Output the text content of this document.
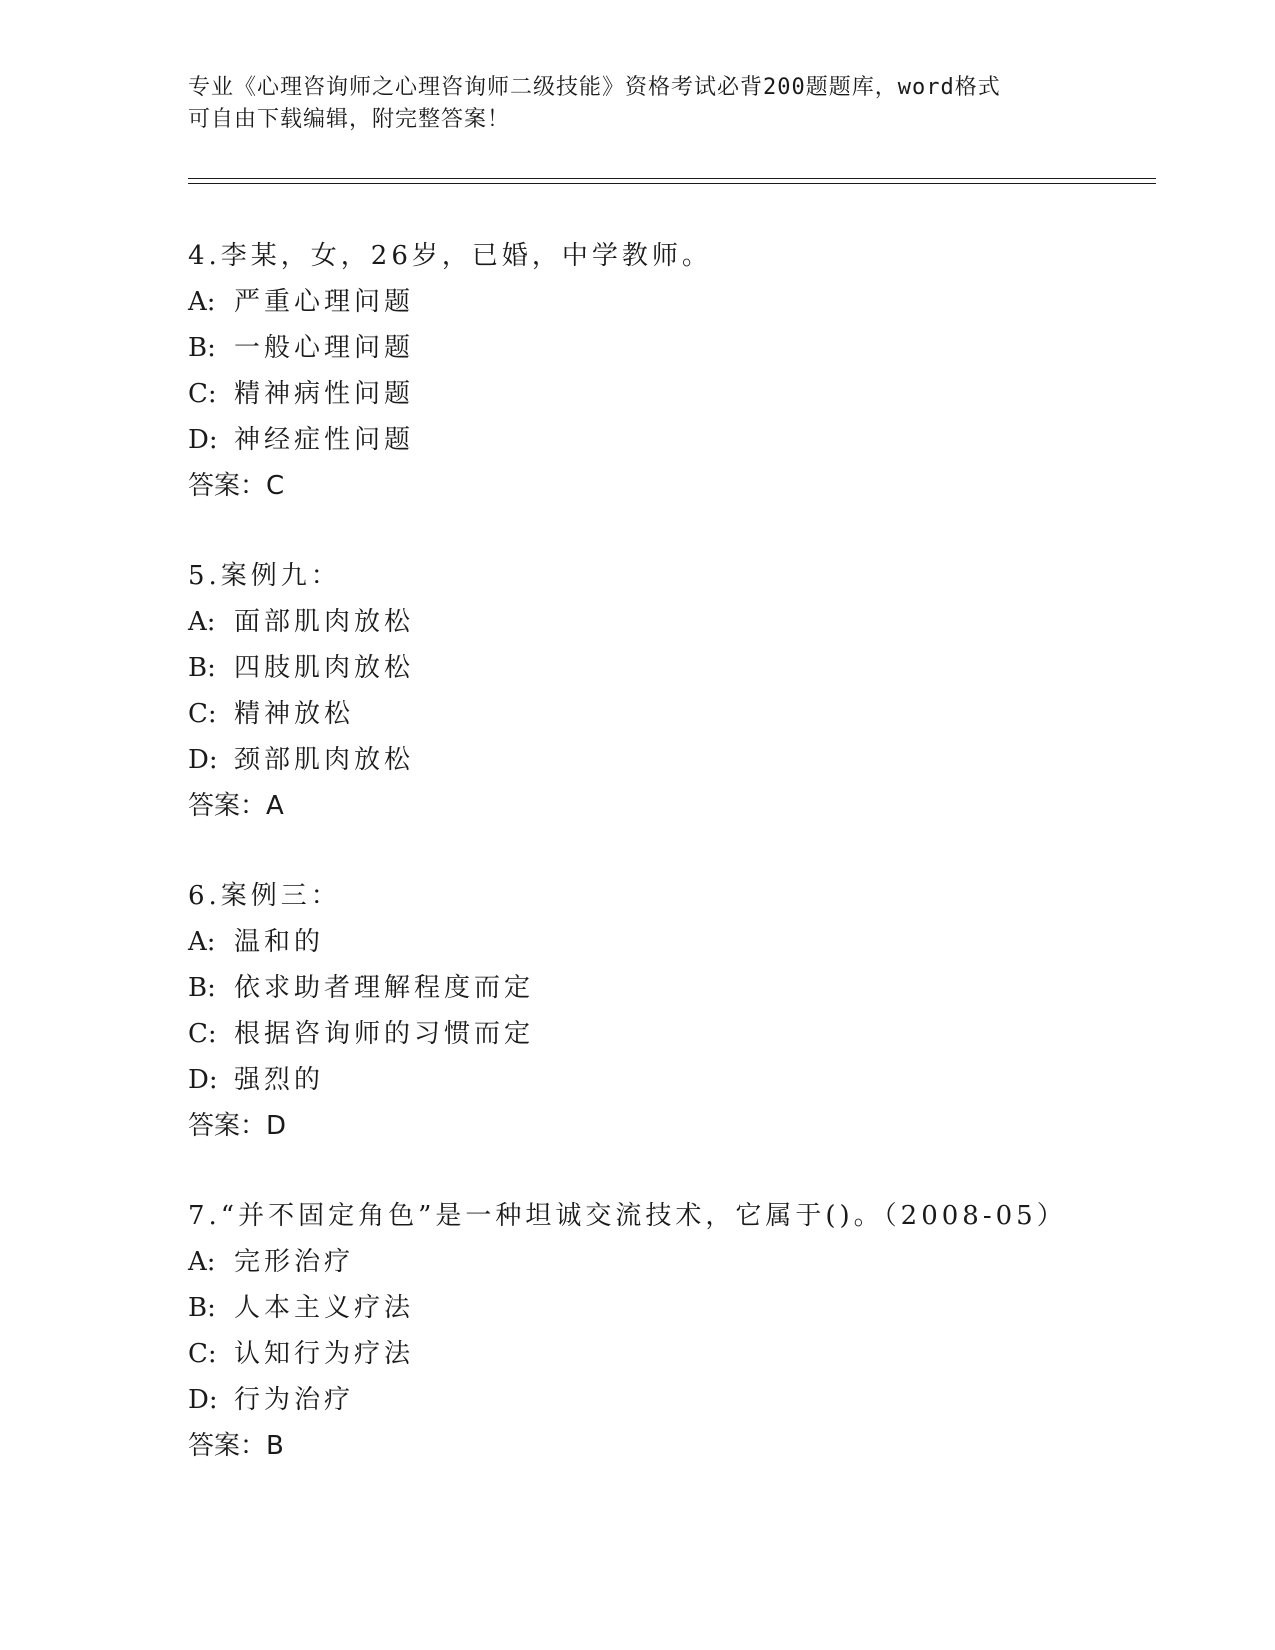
专业《心理咨询师之心理咨询师二级技能》资格考试必背200题题库，word格式
可自由下载编辑，附完整答案！
4.李某，女，26岁，已婚，中学教师。
A: 严重心理问题
B: 一般心理问题
C: 精神病性问题
D: 神经症性问题
答案：C
5.案例九：
A: 面部肌肉放松
B: 四肢肌肉放松
C: 精神放松
D: 颈部肌肉放松
答案：A
6.案例三：
A: 温和的
B: 依求助者理解程度而定
C: 根据咨询师的习惯而定
D: 强烈的
答案：D
7.“并不固定角色”是一种坦诚交流技术，它属于()。（2008-05）
A: 完形治疗
B: 人本主义疗法
C: 认知行为疗法
D: 行为治疗
答案：B
